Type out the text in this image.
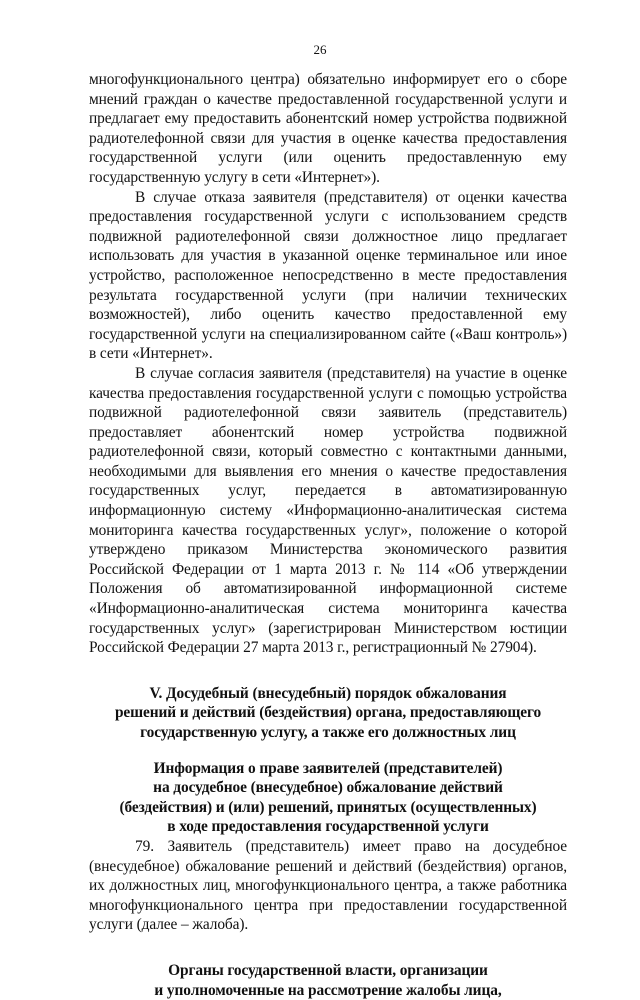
26

многофункционального центра) обязательно информирует его о сборе мнений граждан о качестве предоставленной государственной услуги и предлагает ему предоставить абонентский номер устройства подвижной радиотелефонной связи для участия в оценке качества предоставления государственной услуги (или оценить предоставленную ему государственную услугу в сети «Интернет»).

В случае отказа заявителя (представителя) от оценки качества предоставления государственной услуги с использованием средств подвижной радиотелефонной связи должностное лицо предлагает использовать для участия в указанной оценке терминальное или иное устройство, расположенное непосредственно в месте предоставления результата государственной услуги (при наличии технических возможностей), либо оценить качество предоставленной ему государственной услуги на специализированном сайте («Ваш контроль») в сети «Интернет».

В случае согласия заявителя (представителя) на участие в оценке качества предоставления государственной услуги с помощью устройства подвижной радиотелефонной связи заявитель (представитель) предоставляет абонентский номер устройства подвижной радиотелефонной связи, который совместно с контактными данными, необходимыми для выявления его мнения о качестве предоставления государственных услуг, передается в автоматизированную информационную систему «Информационно-аналитическая система мониторинга качества государственных услуг», положение о которой утверждено приказом Министерства экономического развития Российской Федерации от 1 марта 2013 г. № 114 «Об утверждении Положения об автоматизированной информационной системе «Информационно-аналитическая система мониторинга качества государственных услуг» (зарегистрирован Министерством юстиции Российской Федерации 27 марта 2013 г., регистрационный № 27904).

V. Досудебный (внесудебный) порядок обжалования
решений и действий (бездействия) органа, предоставляющего
государственную услугу, а также его должностных лиц

Информация о праве заявителей (представителей)
на досудебное (внесудебное) обжалование действий
(бездействия) и (или) решений, принятых (осуществленных)
в ходе предоставления государственной услуги

79. Заявитель (представитель) имеет право на досудебное (внесудебное) обжалование решений и действий (бездействия) органов, их должностных лиц, многофункционального центра, а также работника многофункционального центра при предоставлении государственной услуги (далее – жалоба).

Органы государственной власти, организации
и уполномоченные на рассмотрение жалобы лица,
